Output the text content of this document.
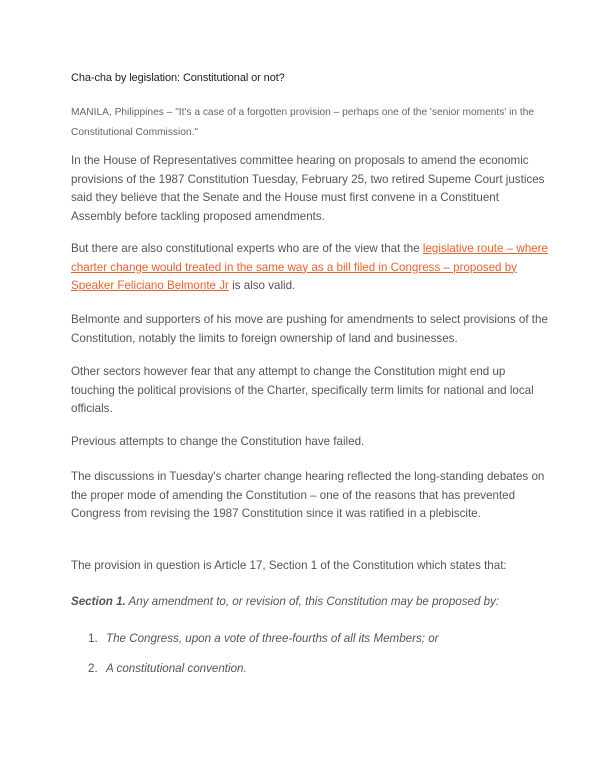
Cha-cha by legislation: Constitutional or not?
MANILA, Philippines – "It's a case of a forgotten provision – perhaps one of the 'senior moments' in the Constitutional Commission."
In the House of Representatives committee hearing on proposals to amend the economic provisions of the 1987 Constitution Tuesday, February 25, two retired Supeme Court justices said they believe that the Senate and the House must first convene in a Constituent Assembly before tackling proposed amendments.
But there are also constitutional experts who are of the view that the legislative route – where charter change would treated in the same way as a bill filed in Congress – proposed by Speaker Feliciano Belmonte Jr is also valid.
Belmonte and supporters of his move are pushing for amendments to select provisions of the Constitution, notably the limits to foreign ownership of land and businesses.
Other sectors however fear that any attempt to change the Constitution might end up touching the political provisions of the Charter, specifically term limits for national and local officials.
Previous attempts to change the Constitution have failed.
The discussions in Tuesday's charter change hearing reflected the long-standing debates on the proper mode of amending the Constitution – one of the reasons that has prevented Congress from revising the 1987 Constitution since it was ratified in a plebiscite.
The provision in question is Article 17, Section 1 of the Constitution which states that:
Section 1. Any amendment to, or revision of, this Constitution may be proposed by:
1. The Congress, upon a vote of three-fourths of all its Members; or
2. A constitutional convention.
